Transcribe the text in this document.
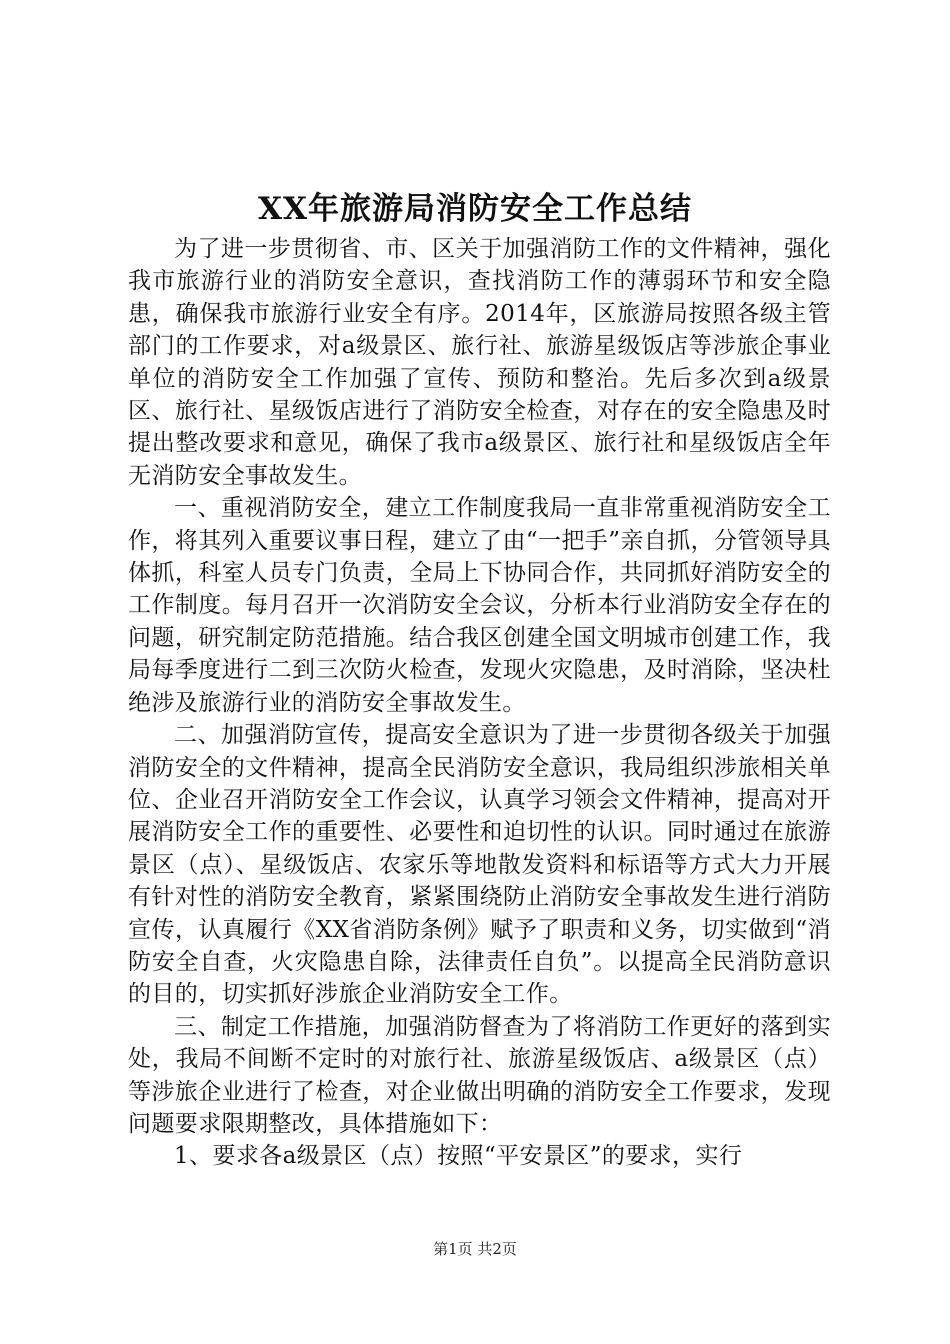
XX年旅游局消防安全工作总结

为了进一步贯彻省、市、区关于加强消防工作的文件精神，强化我市旅游行业的消防安全意识，查找消防工作的薄弱环节和安全隐患，确保我市旅游行业安全有序。2014年，区旅游局按照各级主管部门的工作要求，对a级景区、旅行社、旅游星级饭店等涉旅企事业单位的消防安全工作加强了宣传、预防和整治。先后多次到a级景区、旅行社、星级饭店进行了消防安全检查，对存在的安全隐患及时提出整改要求和意见，确保了我市a级景区、旅行社和星级饭店全年无消防安全事故发生。

一、重视消防安全，建立工作制度我局一直非常重视消防安全工作，将其列入重要议事日程，建立了由“一把手”亲自抓，分管领导具体抓，科室人员专门负责，全局上下协同合作，共同抓好消防安全的工作制度。每月召开一次消防安全会议，分析本行业消防安全存在的问题，研究制定防范措施。结合我区创建全国文明城市创建工作，我局每季度进行二到三次防火检查，发现火灾隐患，及时消除，坚决杜绝涉及旅游行业的消防安全事故发生。

二、加强消防宣传，提高安全意识为了进一步贯彻各级关于加强消防安全的文件精神，提高全民消防安全意识，我局组织涉旅相关单位、企业召开消防安全工作会议，认真学习领会文件精神，提高对开展消防安全工作的重要性、必要性和迫切性的认识。同时通过在旅游景区（点）、星级饭店、农家乐等地散发资料和标语等方式大力开展有针对性的消防安全教育，紧紧围绕防止消防安全事故发生进行消防宣传，认真履行《XX省消防条例》赋予了职责和义务，切实做到“消防安全自查，火灾隐患自除，法律责任自负”。以提高全民消防意识的目的，切实抓好涉旅企业消防安全工作。

三、制定工作措施，加强消防督查为了将消防工作更好的落到实处，我局不间断不定时的对旅行社、旅游星级饭店、a级景区（点）等涉旅企业进行了检查，对企业做出明确的消防安全工作要求，发现问题要求限期整改，具体措施如下：

1、要求各a级景区（点）按照“平安景区”的要求，实行

第1页 共2页
